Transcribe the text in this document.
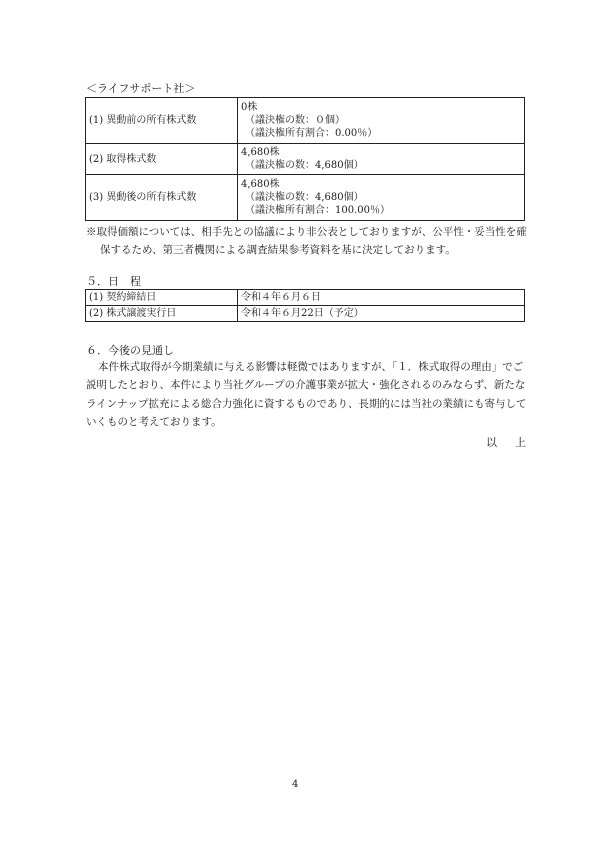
＜ライフサポート社＞
(1) 異動前の所有株式数	0株
（議決権の数：０個）
（議決権所有割合：0.00％）

(2) 取得株式数	4,680株
（議決権の数：4,680個）

(3) 異動後の所有株式数	4,680株
（議決権の数：4,680個）
（議決権所有割合：100.00％）
※取得価額については、相手先との協議により非公表としておりますが、公平性・妥当性を確
保するため、第三者機関による調査結果参考資料を基に決定しております。
５．日　程
(1) 契約締結日	令和４年６月６日
(2) 株式譲渡実行日	令和４年６月22日（予定）
６．今後の見通し
本件株式取得が今期業績に与える影響は軽微ではありますが、「１．株式取得の理由」でご
説明したとおり、本件により当社グループの介護事業が拡大・強化されるのみならず、新たな
ラインナップ拡充による総合力強化に資するものであり、長期的には当社の業績にも寄与して
いくものと考えております。
以上
4
